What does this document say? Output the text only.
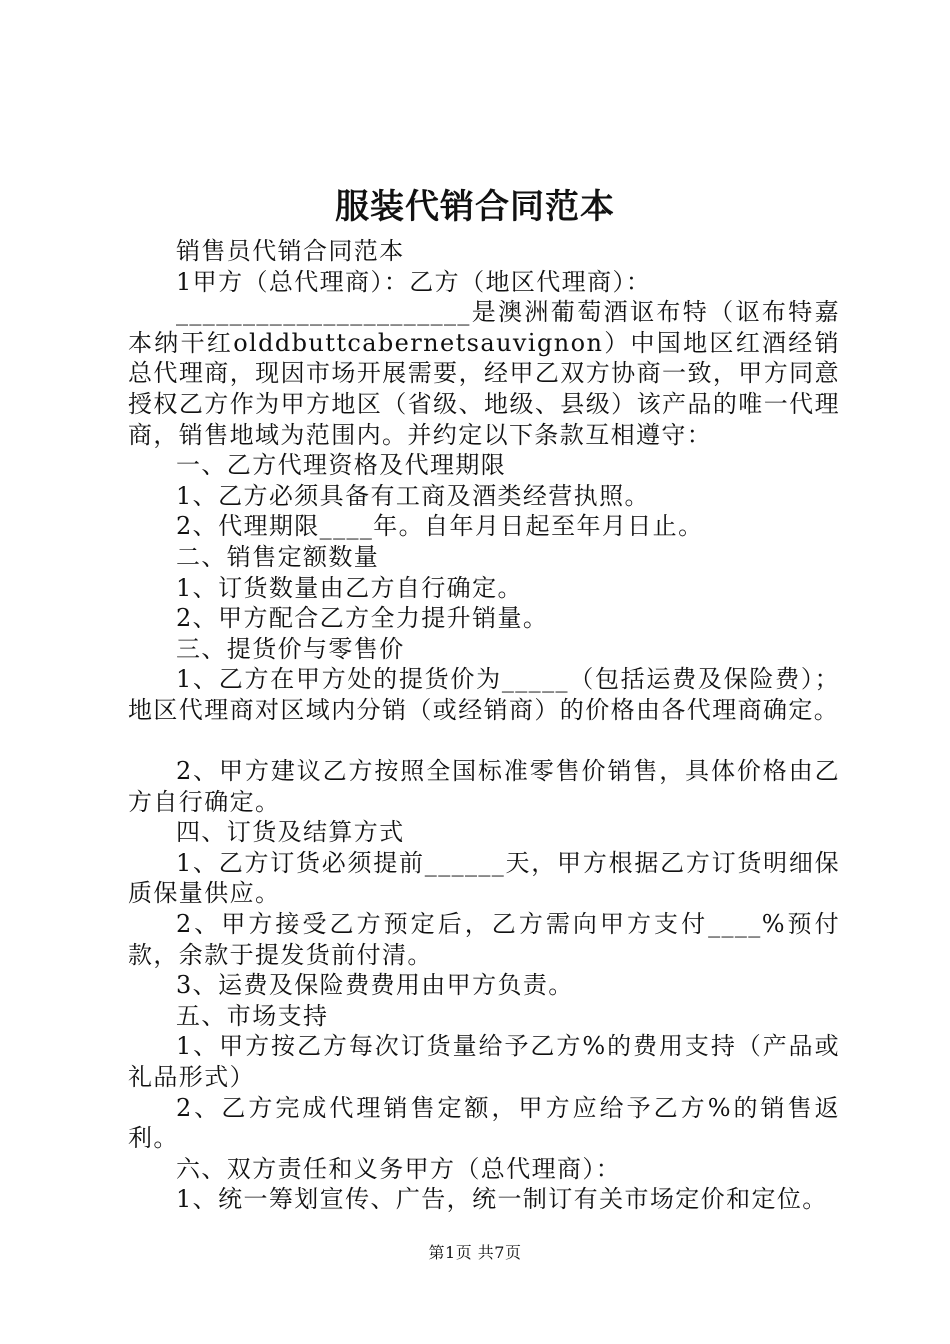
服装代销合同范本

销售员代销合同范本

1甲方（总代理商）：乙方（地区代理商）：

______________________是澳洲葡萄酒讴布特（讴布特嘉本纳干红olddbuttcabernetsauvignon）中国地区红酒经销总代理商，现因市场开展需要，经甲乙双方协商一致，甲方同意授权乙方作为甲方地区（省级、地级、县级）该产品的唯一代理商，销售地域为范围内。并约定以下条款互相遵守：

一、乙方代理资格及代理期限

1、乙方必须具备有工商及酒类经营执照。

2、代理期限____年。自年月日起至年月日止。

二、销售定额数量

1、订货数量由乙方自行确定。

2、甲方配合乙方全力提升销量。

三、提货价与零售价

1、乙方在甲方处的提货价为_____（包括运费及保险费）；地区代理商对区域内分销（或经销商）的价格由各代理商确定。

2、甲方建议乙方按照全国标准零售价销售，具体价格由乙方自行确定。

四、订货及结算方式

1、乙方订货必须提前______天，甲方根据乙方订货明细保质保量供应。

2、甲方接受乙方预定后，乙方需向甲方支付____%预付款，余款于提发货前付清。

3、运费及保险费费用由甲方负责。

五、市场支持

1、甲方按乙方每次订货量给予乙方%的费用支持（产品或礼品形式）

2、乙方完成代理销售定额，甲方应给予乙方%的销售返利。

六、双方责任和义务甲方（总代理商）：

1、统一筹划宣传、广告，统一制订有关市场定价和定位。

第1页 共7页
